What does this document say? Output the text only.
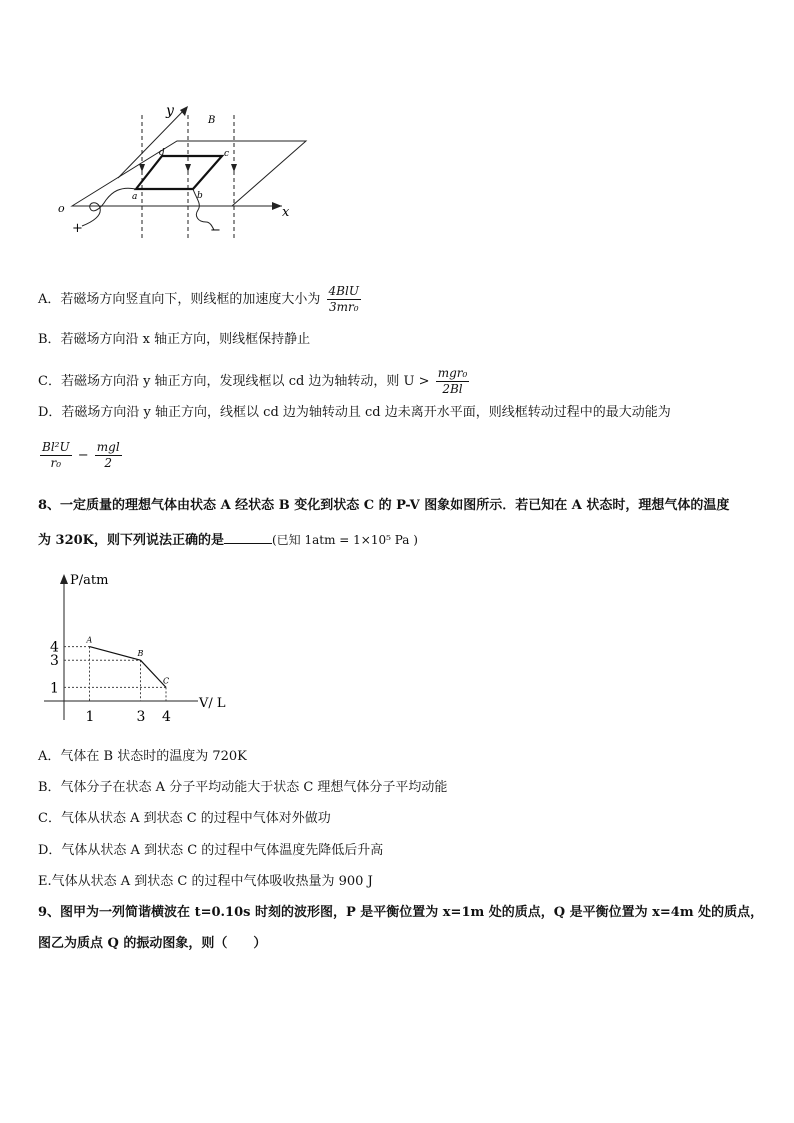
y
B
d	c
a	b
o	x
+	−
A．若磁场方向竖直向下，则线框的加速度大小为 $\frac{\text{4BlU}}{\text{3mr₀}}$
B．若磁场方向沿 x 轴正方向，则线框保持静止
C．若磁场方向沿 y 轴正方向，发现线框以 cd 边为轴转动，则 $U > \frac{\text{mgr₀}}{2Bl}$
D．若磁场方向沿 y 轴正方向，线框以 cd 边为轴转动且 cd 边未离开水平面，则线框转动过程中的最大动能为
$\frac{\text{Bl²U}}{\text{r₀}} - \frac{\text{mgl}}{2}$
8、一定质量的理想气体由状态 A 经状态 B 变化到状态 C 的 P-V 图象如图所示．若已知在 A 状态时，理想气体的温度
为 320K，则下列说法正确的是	(已知 1atm = 1×10⁵ Pa )
P/atm
V/ L
A
B
C
1	3 4
4
3
1
A．气体在 B 状态时的温度为 720K
B．气体分子在状态 A 分子平均动能大于状态 C 理想气体分子平均动能
C．气体从状态 A 到状态 C 的过程中气体对外做功
D．气体从状态 A 到状态 C 的过程中气体温度先降低后升高
E.气体从状态 A 到状态 C 的过程中气体吸收热量为 900 J
9、图甲为一列简谐横波在 t=0.10s 时刻的波形图，P 是平衡位置为 x=1m 处的质点，Q 是平衡位置为 x=4m 处的质点，
图乙为质点 Q 的振动图象，则（　　）
